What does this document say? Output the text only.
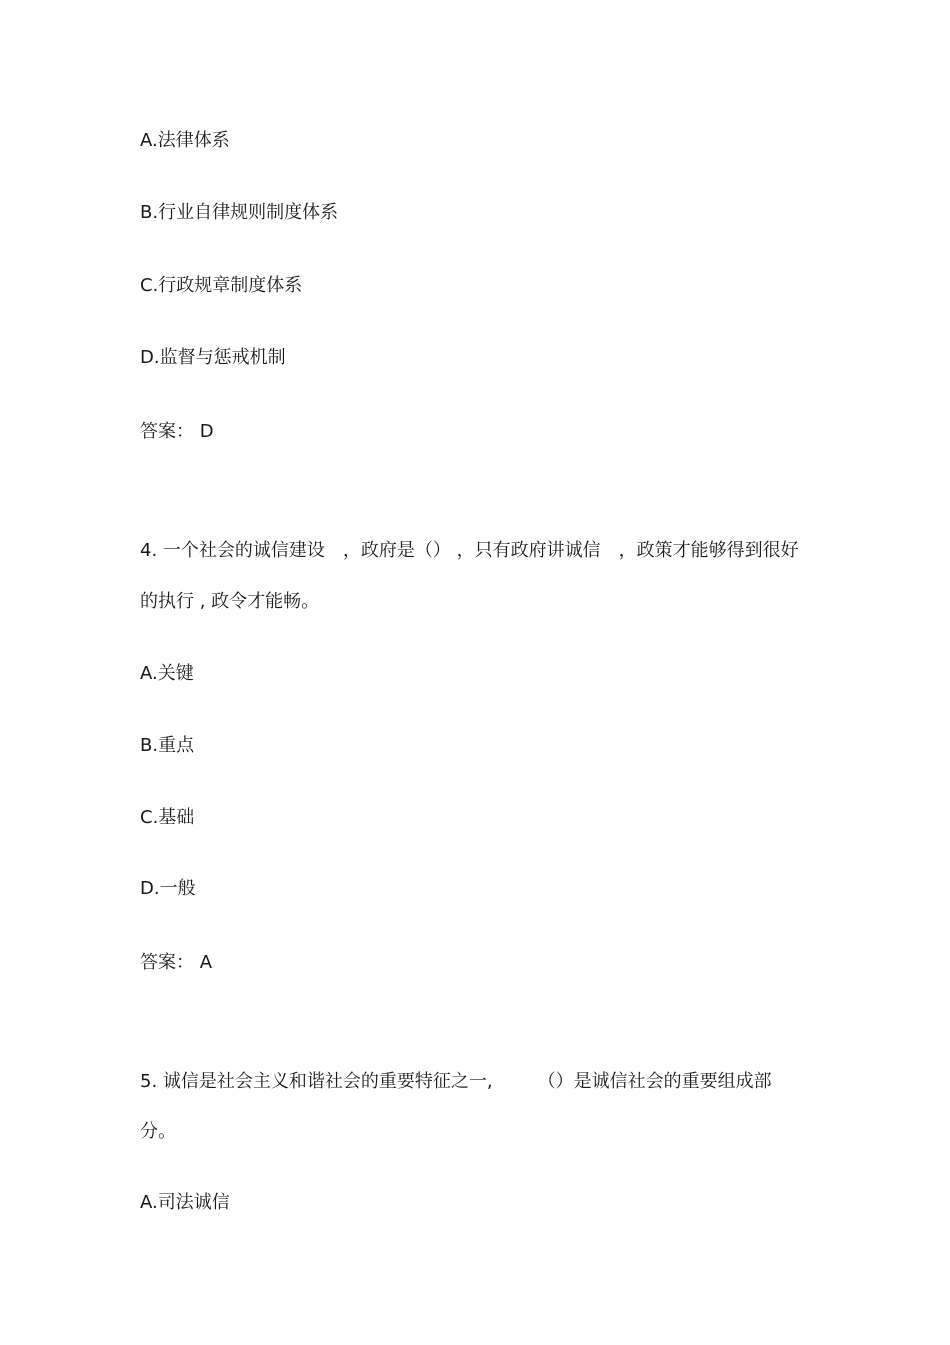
A.法律体系
B.行业自律规则制度体系
C.行政规章制度体系
D.监督与惩戒机制
答案： D
4. 一个社会的诚信建设　，政府是（） ，只有政府讲诚信　，政策才能够得到很好
的执行 , 政令才能畅。
A.关键
B.重点
C.基础
D.一般
答案： A
5. 诚信是社会主义和谐社会的重要特征之一,　　　（）是诚信社会的重要组成部
分。
A.司法诚信
